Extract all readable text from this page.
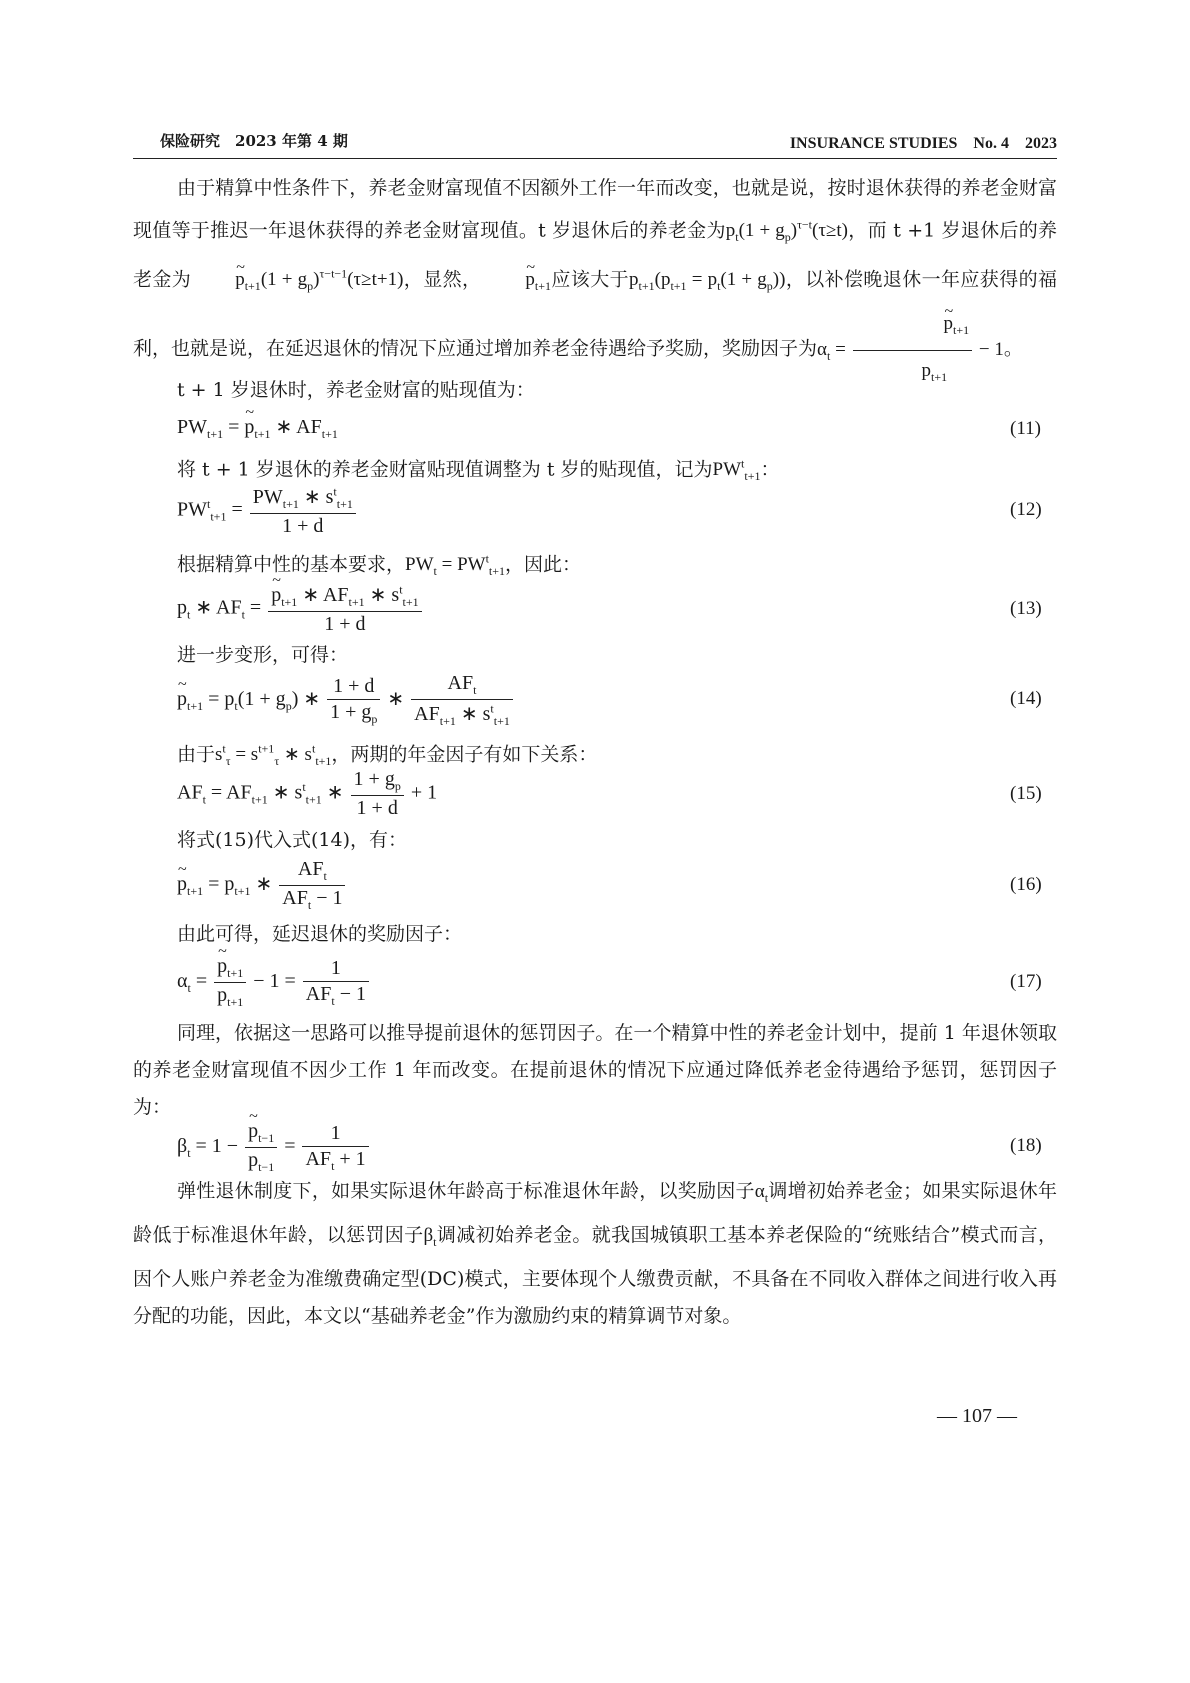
保险研究　2023 年第 4 期	INSURANCE STUDIES　No. 4　2023
由于精算中性条件下，养老金财富现值不因额外工作一年而改变，也就是说，按时退休获得的养老金财富现值等于推迟一年退休获得的养老金财富现值。t 岁退休后的养老金为$p_t(1 + g_p)^{\tau-t}(\tau\ge t)$，而 t +1 岁退休后的养老金为 ~ $p_{t+1}(1 + g_p)^{\tau-t-1}(\tau\ge t+1)$，显然， ~ $p_{t+1}$应该大于$p_{t+1}(p_{t+1} = p_t(1 + g_p))$，以补偿晚退休一年应获得的福利，也就是说，在延迟退休的情况下应通过增加养老金待遇给予奖励，奖励因子为$\alpha_t$ = ~ $\frac{p_{t+1}}{p_{t+1}} - 1$。
t + 1 岁退休时，养老金财富的贴现值为：
$PW_{t+1}$ = ~ $p_{t+1}$ ∗ $AF_{t+1}$	(11)
将 t + 1 岁退休的养老金财富贴现值调整为 t 岁的贴现值，记为$PW^t_{t+1}$：
$PW^t_{t+1} = \frac{PW_{t+1} ∗ s^t_{t+1}}{1 + d}$	(12)
根据精算中性的基本要求，$PW_t = PW^t_{t+1}$，因此：
$p_t$ ∗ $AF_t$ = ~ $\frac{p_{t+1} ∗ AF_{t+1} ∗ s^t_{t+1}}{1 + d}$	(13)
进一步变形，可得：
~ $p_{t+1} = p_t(1 + g_p)$ ∗ $\frac{1 + d}{1 + g_p}$ ∗ $\frac{AF_t}{AF_{t+1} ∗ s^t_{t+1}}$	(14)
由于$s^t_\tau = s^{t+1}_\tau$ ∗ $s^t_{t+1}$，两期的年金因子有如下关系：
$AF_t = AF_{t+1}$ ∗ $s^t_{t+1}$ ∗ $\frac{1 + g_p}{1 + d} + 1$	(15)
将式(15)代入式(14)，有：
~ $p_{t+1} = p_{t+1}$ ∗ $\frac{AF_t}{AF_t - 1}$	(16)
由此可得，延迟退休的奖励因子：
$\alpha_t$ = ~ $\frac{p_{t+1}}{p_{t+1}} - 1 = \frac{1}{AF_t - 1}$	(17)
同理，依据这一思路可以推导提前退休的惩罚因子。在一个精算中性的养老金计划中，提前 1 年退休领取的养老金财富现值不因少工作 1 年而改变。在提前退休的情况下应通过降低养老金待遇给予惩罚，惩罚因子为：
$\beta_t = 1$ − ~ $\frac{p_{t-1}}{p_{t-1}} = \frac{1}{AF_t + 1}$	(18)
弹性退休制度下，如果实际退休年龄高于标准退休年龄，以奖励因子$\alpha_t$调增初始养老金；如果实际退休年龄低于标准退休年龄，以惩罚因子$\beta_t$调减初始养老金。就我国城镇职工基本养老保险的“统账结合”模式而言，因个人账户养老金为准缴费确定型(DC)模式，主要体现个人缴费贡献，不具备在不同收入群体之间进行收入再分配的功能，因此，本文以“基础养老金”作为激励约束的精算调节对象。
— 107 —
